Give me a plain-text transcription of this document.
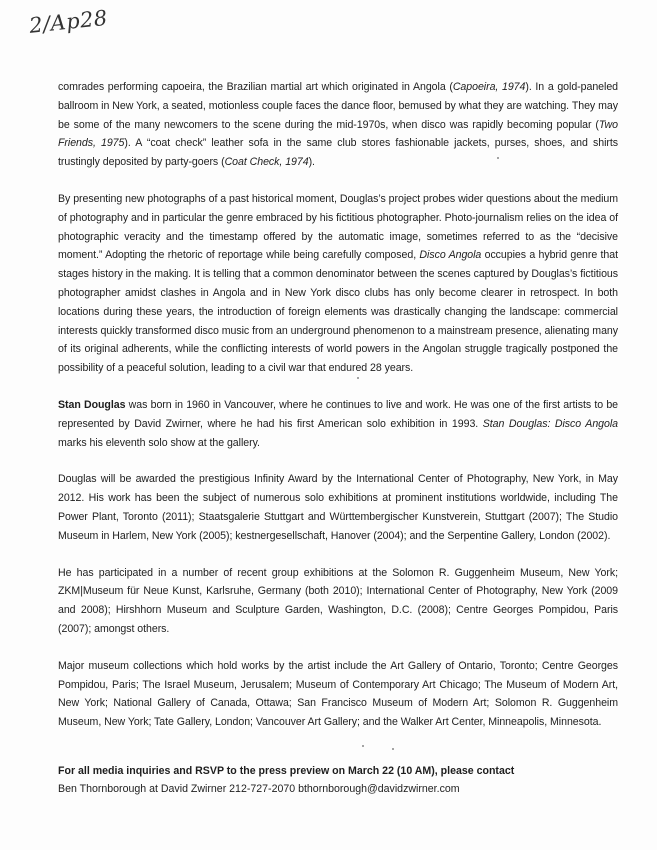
2/Ap28

comrades performing capoeira, the Brazilian martial art which originated in Angola (Capoeira, 1974). In a gold-paneled ballroom in New York, a seated, motionless couple faces the dance floor, bemused by what they are watching. They may be some of the many newcomers to the scene during the mid-1970s, when disco was rapidly becoming popular (Two Friends, 1975). A “coat check” leather sofa in the same club stores fashionable jackets, purses, shoes, and shirts trustingly deposited by party-goers (Coat Check, 1974).

By presenting new photographs of a past historical moment, Douglas’s project probes wider questions about the medium of photography and in particular the genre embraced by his fictitious photographer. Photo-journalism relies on the idea of photographic veracity and the timestamp offered by the automatic image, sometimes referred to as the “decisive moment.” Adopting the rhetoric of reportage while being carefully composed, Disco Angola occupies a hybrid genre that stages history in the making. It is telling that a common denominator between the scenes captured by Douglas’s fictitious photographer amidst clashes in Angola and in New York disco clubs has only become clearer in retrospect. In both locations during these years, the introduction of foreign elements was drastically changing the landscape: commercial interests quickly transformed disco music from an underground phenomenon to a mainstream presence, alienating many of its original adherents, while the conflicting interests of world powers in the Angolan struggle tragically postponed the possibility of a peaceful solution, leading to a civil war that endured 28 years.

Stan Douglas was born in 1960 in Vancouver, where he continues to live and work. He was one of the first artists to be represented by David Zwirner, where he had his first American solo exhibition in 1993. Stan Douglas: Disco Angola marks his eleventh solo show at the gallery.

Douglas will be awarded the prestigious Infinity Award by the International Center of Photography, New York, in May 2012. His work has been the subject of numerous solo exhibitions at prominent institutions worldwide, including The Power Plant, Toronto (2011); Staatsgalerie Stuttgart and Württembergischer Kunstverein, Stuttgart (2007); The Studio Museum in Harlem, New York (2005); kestnergesellschaft, Hanover (2004); and the Serpentine Gallery, London (2002).

He has participated in a number of recent group exhibitions at the Solomon R. Guggenheim Museum, New York; ZKM|Museum für Neue Kunst, Karlsruhe, Germany (both 2010); International Center of Photography, New York (2009 and 2008); Hirshhorn Museum and Sculpture Garden, Washington, D.C. (2008); Centre Georges Pompidou, Paris (2007); amongst others.

Major museum collections which hold works by the artist include the Art Gallery of Ontario, Toronto; Centre Georges Pompidou, Paris; The Israel Museum, Jerusalem; Museum of Contemporary Art Chicago; The Museum of Modern Art, New York; National Gallery of Canada, Ottawa; San Francisco Museum of Modern Art; Solomon R. Guggenheim Museum, New York; Tate Gallery, London; Vancouver Art Gallery; and the Walker Art Center, Minneapolis, Minnesota.

For all media inquiries and RSVP to the press preview on March 22 (10 AM), please contact
Ben Thornborough at David Zwirner 212-727-2070 bthornborough@davidzwirner.com
